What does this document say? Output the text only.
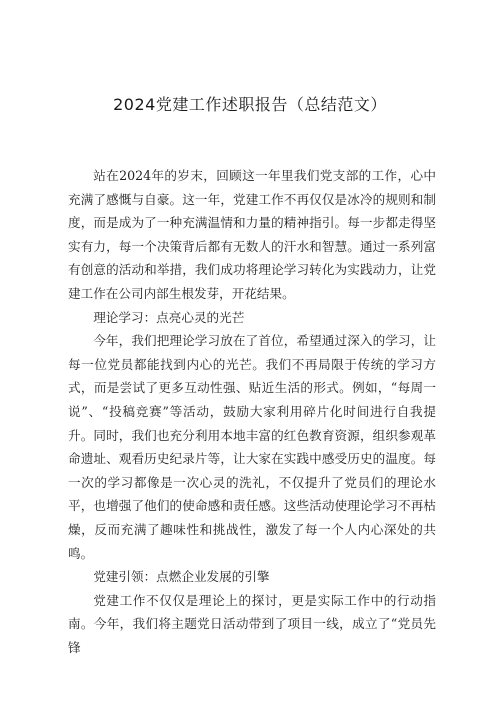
2024党建工作述职报告（总结范文）

站在2024年的岁末，回顾这一年里我们党支部的工作，心中充满了感慨与自豪。这一年，党建工作不再仅仅是冰冷的规则和制度，而是成为了一种充满温情和力量的精神指引。每一步都走得坚实有力，每一个决策背后都有无数人的汗水和智慧。通过一系列富有创意的活动和举措，我们成功将理论学习转化为实践动力，让党建工作在公司内部生根发芽，开花结果。

理论学习：点亮心灵的光芒

今年，我们把理论学习放在了首位，希望通过深入的学习，让每一位党员都能找到内心的光芒。我们不再局限于传统的学习方式，而是尝试了更多互动性强、贴近生活的形式。例如，“每周一说”、“投稿竞赛”等活动，鼓励大家利用碎片化时间进行自我提升。同时，我们也充分利用本地丰富的红色教育资源，组织参观革命遗址、观看历史纪录片等，让大家在实践中感受历史的温度。每一次的学习都像是一次心灵的洗礼，不仅提升了党员们的理论水平，也增强了他们的使命感和责任感。这些活动使理论学习不再枯燥，反而充满了趣味性和挑战性，激发了每一个人内心深处的共鸣。

党建引领：点燃企业发展的引擎

党建工作不仅仅是理论上的探讨，更是实际工作中的行动指南。今年，我们将主题党日活动带到了项目一线，成立了“党员先锋
